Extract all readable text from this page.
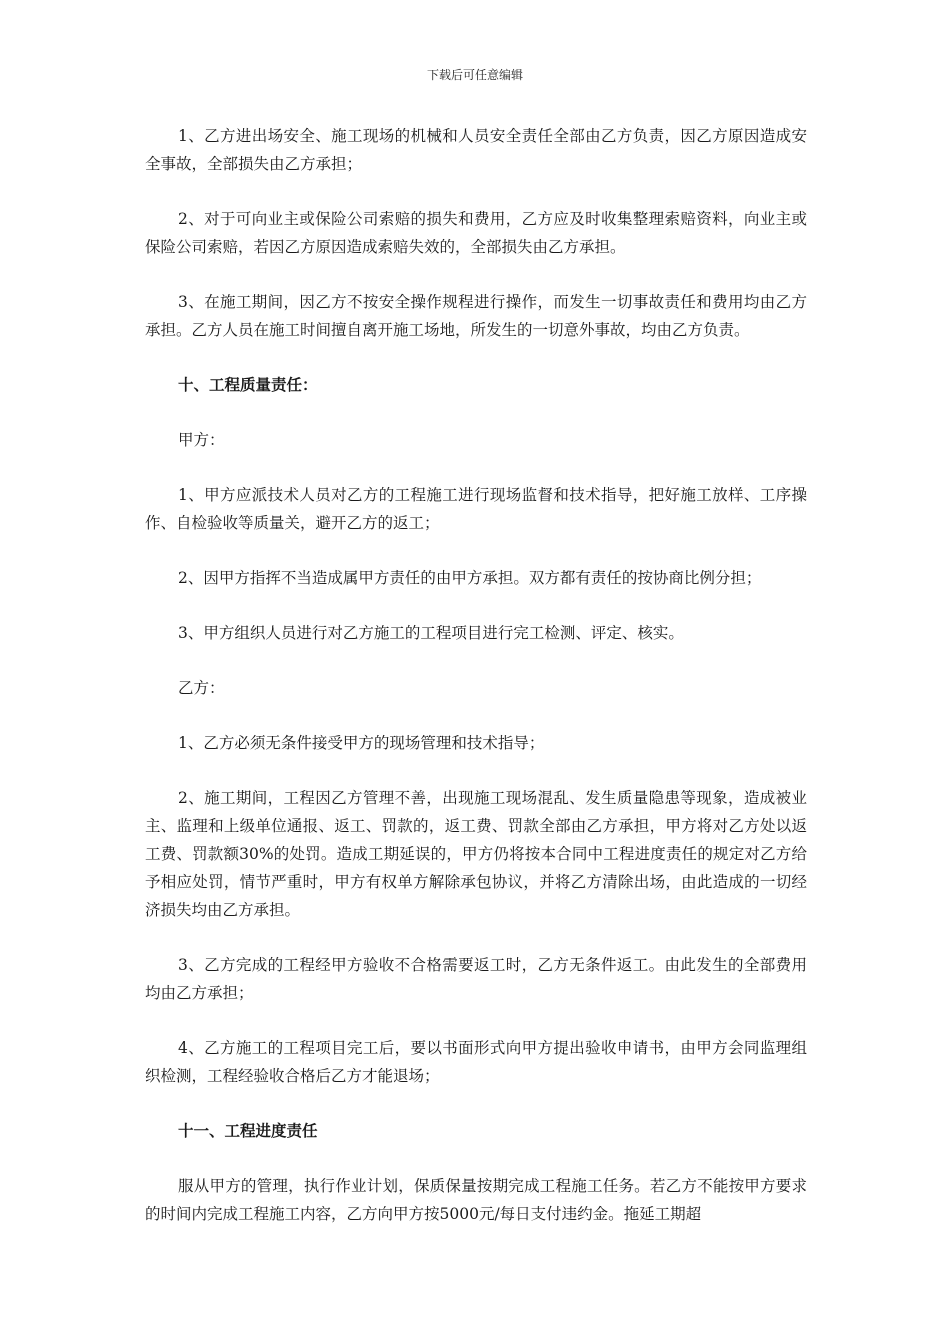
下载后可任意编辑

1、乙方进出场安全、施工现场的机械和人员安全责任全部由乙方负责，因乙方原因造成安全事故，全部损失由乙方承担；

2、对于可向业主或保险公司索赔的损失和费用，乙方应及时收集整理索赔资料，向业主或保险公司索赔，若因乙方原因造成索赔失效的，全部损失由乙方承担。

3、在施工期间，因乙方不按安全操作规程进行操作，而发生一切事故责任和费用均由乙方承担。乙方人员在施工时间擅自离开施工场地，所发生的一切意外事故，均由乙方负责。

十、工程质量责任：

甲方：

1、甲方应派技术人员对乙方的工程施工进行现场监督和技术指导，把好施工放样、工序操作、自检验收等质量关，避开乙方的返工；

2、因甲方指挥不当造成属甲方责任的由甲方承担。双方都有责任的按协商比例分担；

3、甲方组织人员进行对乙方施工的工程项目进行完工检测、评定、核实。

乙方：

1、乙方必须无条件接受甲方的现场管理和技术指导；

2、施工期间，工程因乙方管理不善，出现施工现场混乱、发生质量隐患等现象，造成被业主、监理和上级单位通报、返工、罚款的，返工费、罚款全部由乙方承担，甲方将对乙方处以返工费、罚款额30%的处罚。造成工期延误的，甲方仍将按本合同中工程进度责任的规定对乙方给予相应处罚，情节严重时，甲方有权单方解除承包协议，并将乙方清除出场，由此造成的一切经济损失均由乙方承担。

3、乙方完成的工程经甲方验收不合格需要返工时，乙方无条件返工。由此发生的全部费用均由乙方承担；

4、乙方施工的工程项目完工后，要以书面形式向甲方提出验收申请书，由甲方会同监理组织检测，工程经验收合格后乙方才能退场；

十一、工程进度责任

服从甲方的管理，执行作业计划，保质保量按期完成工程施工任务。若乙方不能按甲方要求的时间内完成工程施工内容，乙方向甲方按5000元/每日支付违约金。拖延工期超
